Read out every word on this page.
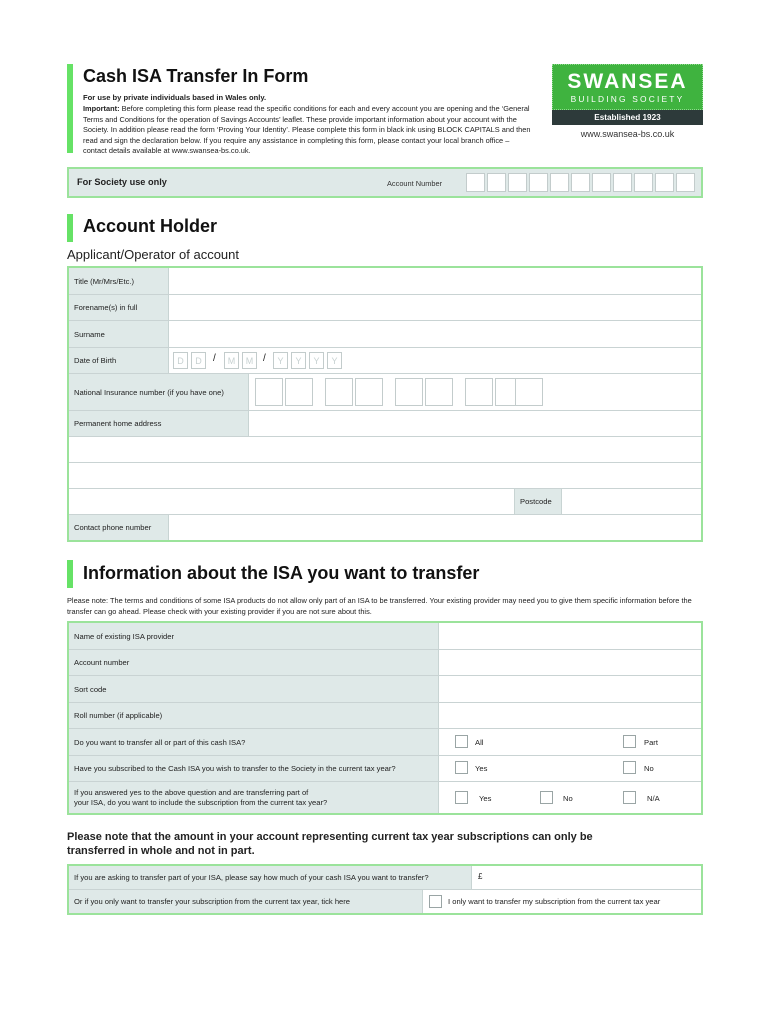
Cash ISA Transfer In Form
For use by private individuals based in Wales only.
Important: Before completing this form please read the specific conditions for each and every account you are opening and the ‘General Terms and Conditions for the operation of Savings Accounts’ leaflet. These provide important information about your account with the Society. In addition please read the form ‘Proving Your Identity’. Please complete this form in black ink using BLOCK CAPITALS and then read and sign the declaration below. If you require any assistance in completing this form, please contact your local branch office – contact details available at www.swansea-bs.co.uk.
SWANSEA
BUILDING SOCIETY
Established 1923
www.swansea-bs.co.uk
For Society use only	Account Number
Account Holder
Applicant/Operator of account
Title (Mr/Mrs/Etc.)
Forename(s) in full
Surname
Date of Birth	D	D	/	M	M /	Y	Y	Y	Y
National Insurance number (if you have one)
Permanent home address
Postcode
Contact phone number
Information about the ISA you want to transfer
Please note: The terms and conditions of some ISA products do not allow only part of an ISA to be transferred. Your existing provider may need you to give them specific information before the transfer can go ahead. Please check with your existing provider if you are not sure about this.
Name of existing ISA provider
Account number
Sort code
Roll number (if applicable)
Do you want to transfer all or part of this cash ISA?	All	Part
Have you subscribed to the Cash ISA you wish to transfer to the Society in the current tax year?	Yes	No
If you answered yes to the above question and are transferring part of
your ISA, do you want to include the subscription from the current tax year?	Yes	No	N/A
Please note that the amount in your account representing current tax year subscriptions can only be
transferred in whole and not in part.
If you are asking to transfer part of your ISA, please say how much of your cash ISA you want to transfer?	£
Or if you only want to transfer your subscription from the current tax year, tick here	I only want to transfer my subscription from the current tax year
